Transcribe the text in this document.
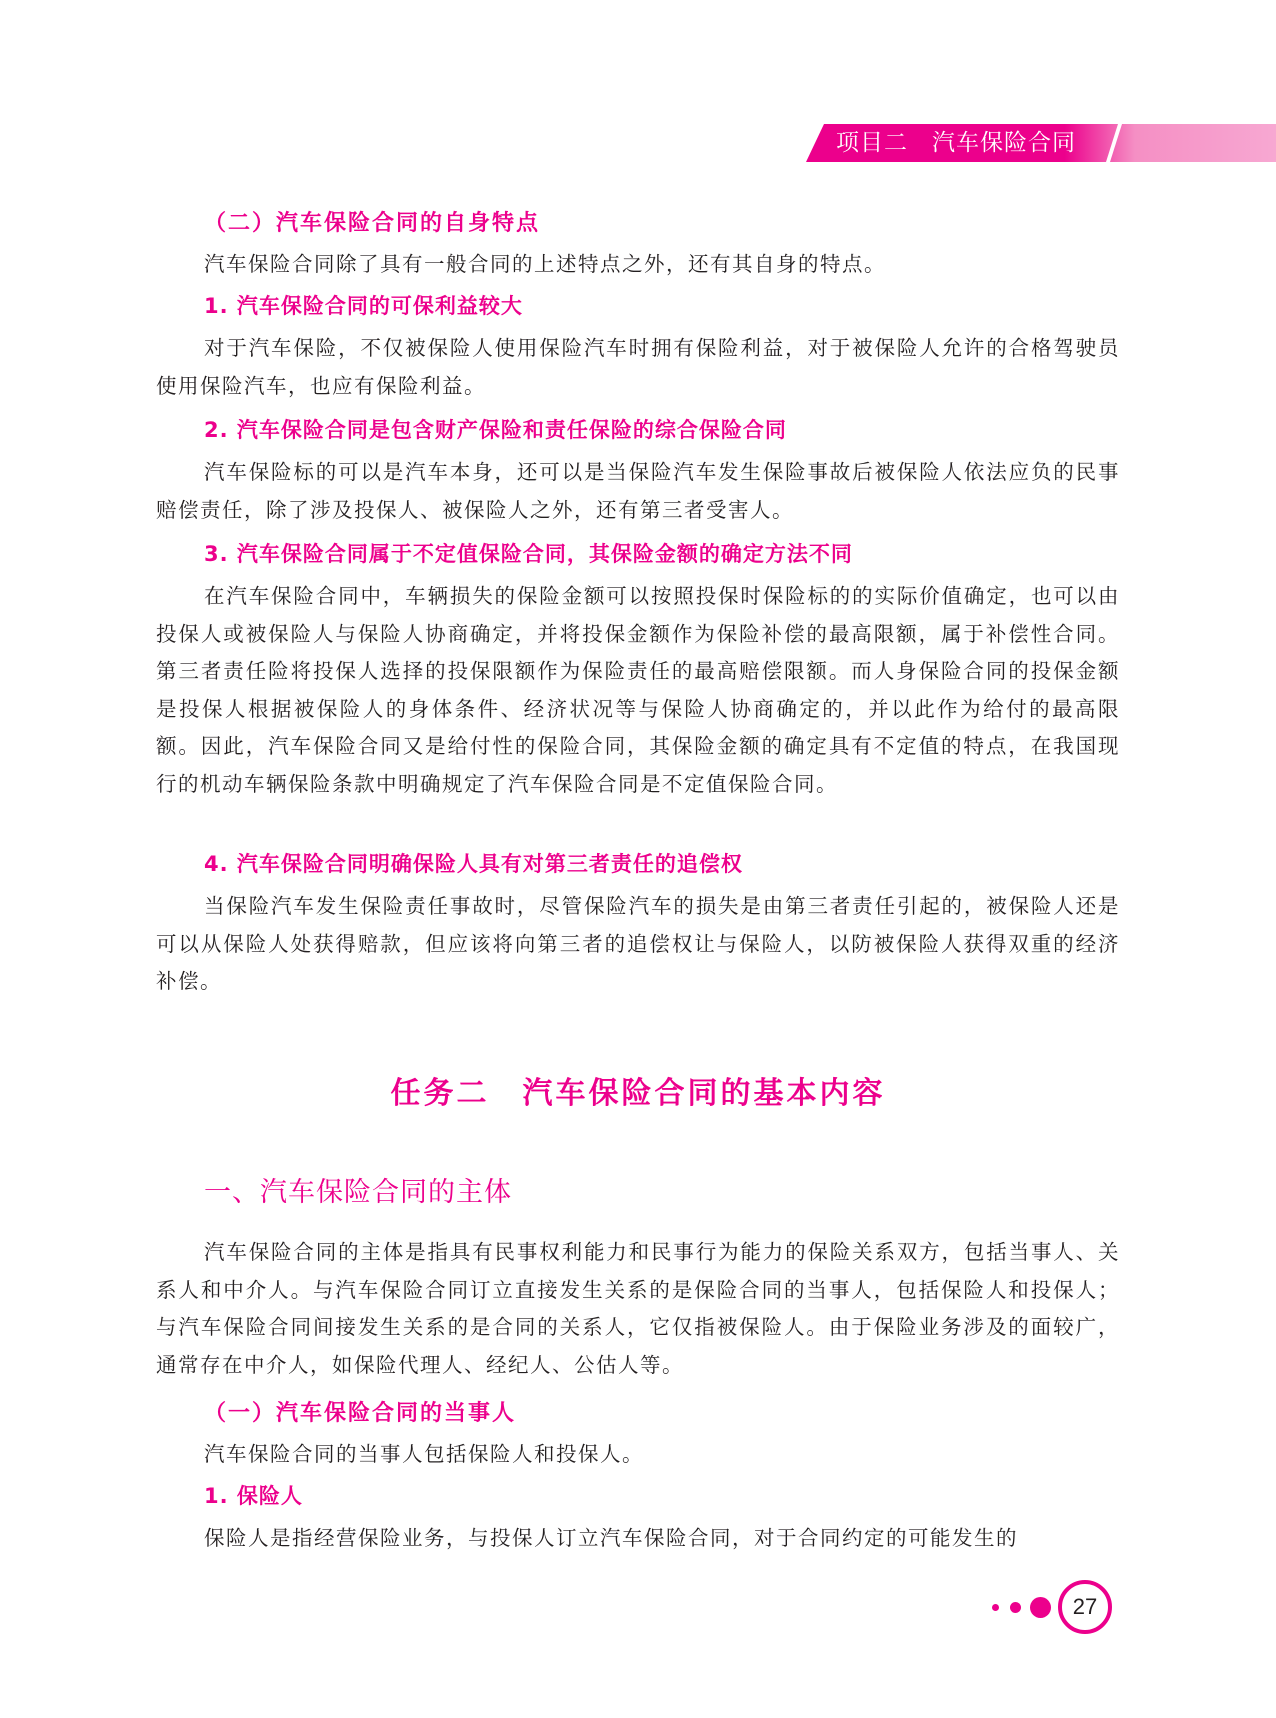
项目二　汽车保险合同
（二）汽车保险合同的自身特点

汽车保险合同除了具有一般合同的上述特点之外，还有其自身的特点。

1. 汽车保险合同的可保利益较大

对于汽车保险，不仅被保险人使用保险汽车时拥有保险利益，对于被保险人允许的合格驾驶员使用保险汽车，也应有保险利益。

2. 汽车保险合同是包含财产保险和责任保险的综合保险合同

汽车保险标的可以是汽车本身，还可以是当保险汽车发生保险事故后被保险人依法应负的民事赔偿责任，除了涉及投保人、被保险人之外，还有第三者受害人。

3. 汽车保险合同属于不定值保险合同，其保险金额的确定方法不同

在汽车保险合同中，车辆损失的保险金额可以按照投保时保险标的的实际价值确定，也可以由投保人或被保险人与保险人协商确定，并将投保金额作为保险补偿的最高限额，属于补偿性合同。第三者责任险将投保人选择的投保限额作为保险责任的最高赔偿限额。而人身保险合同的投保金额是投保人根据被保险人的身体条件、经济状况等与保险人协商确定的，并以此作为给付的最高限额。因此，汽车保险合同又是给付性的保险合同，其保险金额的确定具有不定值的特点，在我国现行的机动车辆保险条款中明确规定了汽车保险合同是不定值保险合同。

4. 汽车保险合同明确保险人具有对第三者责任的追偿权

当保险汽车发生保险责任事故时，尽管保险汽车的损失是由第三者责任引起的，被保险人还是可以从保险人处获得赔款，但应该将向第三者的追偿权让与保险人，以防被保险人获得双重的经济补偿。

任务二　汽车保险合同的基本内容
一、汽车保险合同的主体

汽车保险合同的主体是指具有民事权利能力和民事行为能力的保险关系双方，包括当事人、关系人和中介人。与汽车保险合同订立直接发生关系的是保险合同的当事人，包括保险人和投保人；与汽车保险合同间接发生关系的是合同的关系人，它仅指被保险人。由于保险业务涉及的面较广，通常存在中介人，如保险代理人、经纪人、公估人等。

（一）汽车保险合同的当事人

汽车保险合同的当事人包括保险人和投保人。

1. 保险人

保险人是指经营保险业务，与投保人订立汽车保险合同，对于合同约定的可能发生的

27
